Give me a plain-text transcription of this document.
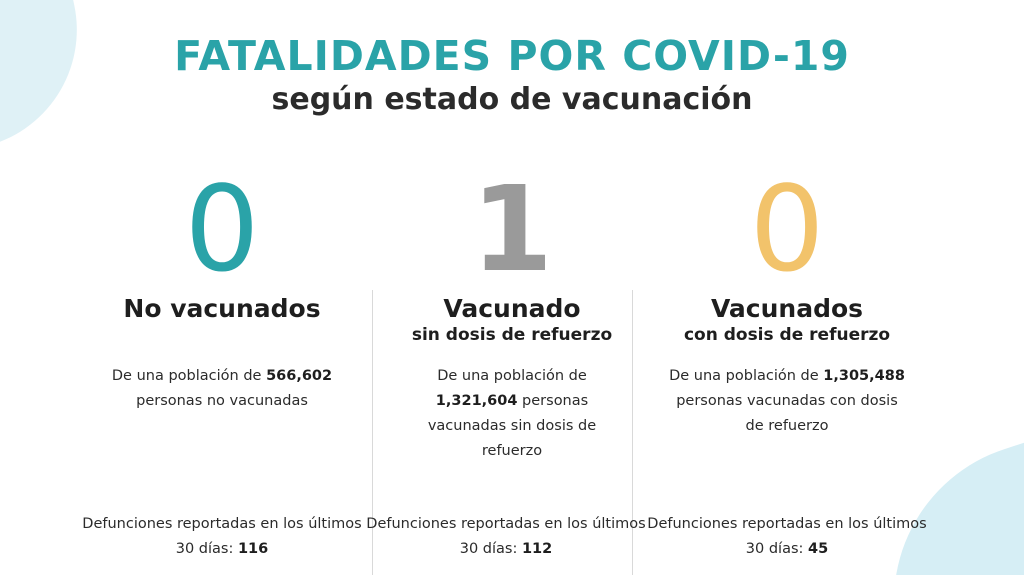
FATALIDADES POR COVID-19
según estado de vacunación
0
No vacunados
De una población de 566,602
personas no vacunadas
Defunciones reportadas en los últimos 30 días: 116
1
Vacunado
sin dosis de refuerzo
De una población de 1,321,604 personas vacunadas sin dosis de refuerzo
Defunciones reportadas en los últimos 30 días: 112
0
Vacunados
con dosis de refuerzo
De una población de 1,305,488 personas vacunadas con dosis de refuerzo
Defunciones reportadas en los últimos 30 días: 45
